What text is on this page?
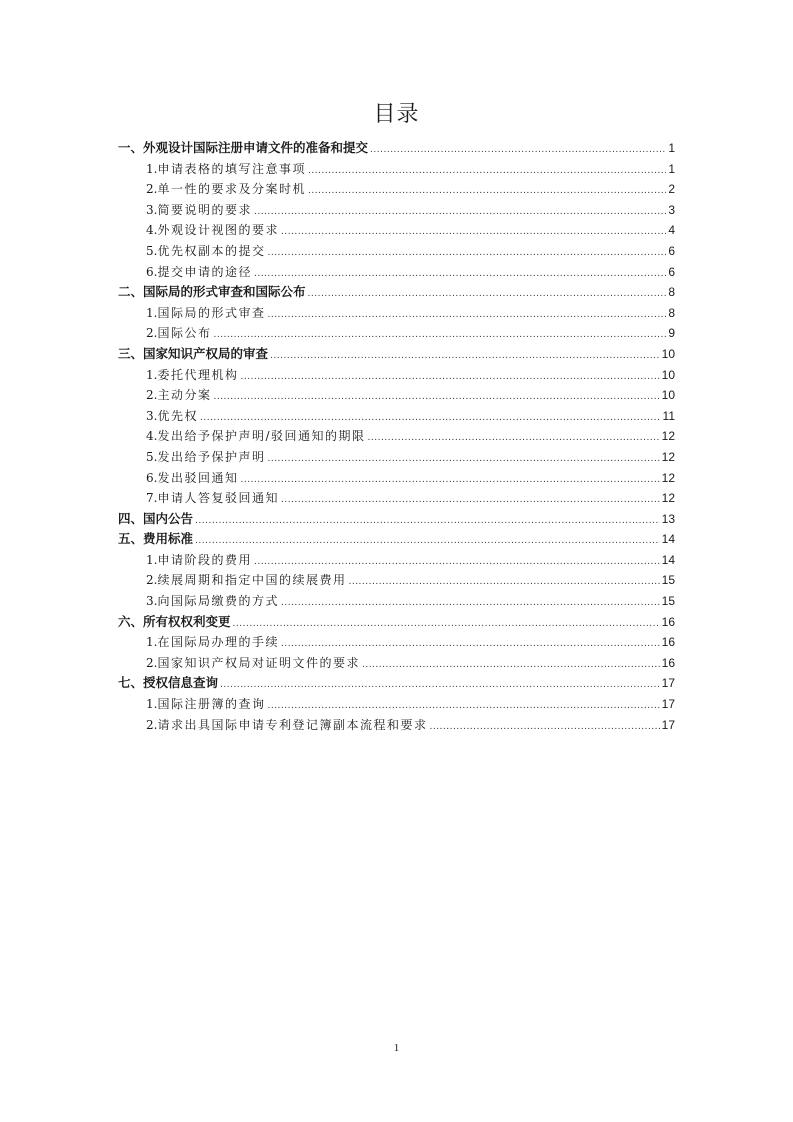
目录
一、 外观设计国际注册申请文件的准备和提交 .....	1
1. 申请表格的填写注意事项 .....	1
2. 单一性的要求及分案时机 .....	2
3. 简要说明的要求 .....	3
4. 外观设计视图的要求 .....	4
5. 优先权副本的提交 .....	6
6. 提交申请的途径 .....	6
二、 国际局的形式审查和国际公布 .....	8
1. 国际局的形式审查 .....	8
2. 国际公布 .....	9
三、 国家知识产权局的审查 .....	10
1. 委托代理机构 .....	10
2. 主动分案 .....	10
3. 优先权 .....	11
4. 发出给予保护声明/驳回通知的期限 .....	12
5. 发出给予保护声明 .....	12
6. 发出驳回通知 .....	12
7. 申请人答复驳回通知 .....	12
四、 国内公告 .....	13
五、 费用标准 .....	14
1. 申请阶段的费用 .....	14
2. 续展周期和指定中国的续展费用 .....	15
3. 向国际局缴费的方式 .....	15
六、 所有权权利变更 .....	16
1. 在国际局办理的手续 .....	16
2. 国家知识产权局对证明文件的要求 .....	16
七、 授权信息查询 .....	17
1. 国际注册簿的查询 .....	17
2. 请求出具国际申请专利登记簿副本流程和要求 .....	17
1
